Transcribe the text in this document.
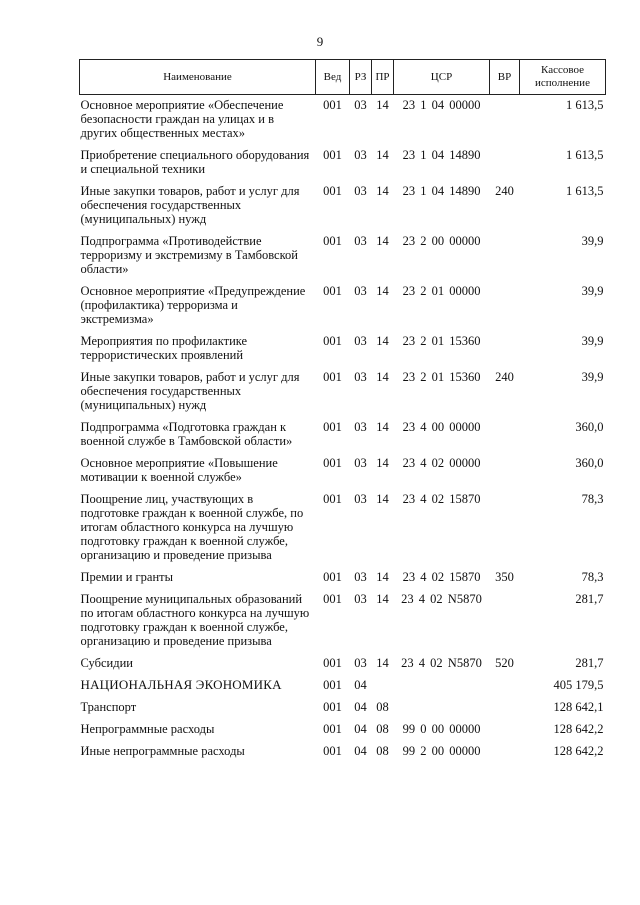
9
Наименование	Вед	РЗ	ПР	ЦСР	ВР	Кассовое исполнение
Основное мероприятие «Обеспечение безопасности граждан на улицах и в других общественных местах»	001	03	14	23 1 04 00000		1 613,5
Приобретение специального оборудования и специальной техники	001	03	14	23 1 04 14890		1 613,5
Иные закупки товаров, работ и услуг для обеспечения государственных (муниципальных) нужд	001	03	14	23 1 04 14890	240	1 613,5
Подпрограмма «Противодействие терроризму и экстремизму в Тамбовской области»	001	03	14	23 2 00 00000		39,9
Основное мероприятие «Предупреждение (профилактика) терроризма и экстремизма»	001	03	14	23 2 01 00000		39,9
Мероприятия по профилактике террористических проявлений	001	03	14	23 2 01 15360		39,9
Иные закупки товаров, работ и услуг для обеспечения государственных (муниципальных) нужд	001	03	14	23 2 01 15360	240	39,9
Подпрограмма «Подготовка граждан к военной службе в Тамбовской области»	001	03	14	23 4 00 00000		360,0
Основное мероприятие «Повышение мотивации к военной службе»	001	03	14	23 4 02 00000		360,0
Поощрение лиц, участвующих в подготовке граждан к военной службе, по итогам областного конкурса на лучшую подготовку граждан к военной службе, организацию и проведение призыва	001	03	14	23 4 02 15870		78,3
Премии и гранты	001	03	14	23 4 02 15870	350	78,3
Поощрение муниципальных образований по итогам областного конкурса на лучшую подготовку граждан к военной службе, организацию и проведение призыва	001	03	14	23 4 02 N5870		281,7
Субсидии	001	03	14	23 4 02 N5870	520	281,7
НАЦИОНАЛЬНАЯ ЭКОНОМИКА	001	04				405 179,5
Транспорт	001	04	08			128 642,1
Непрограммные расходы	001	04	08	99 0 00 00000		128 642,2
Иные непрограммные расходы	001	04	08	99 2 00 00000		128 642,2
